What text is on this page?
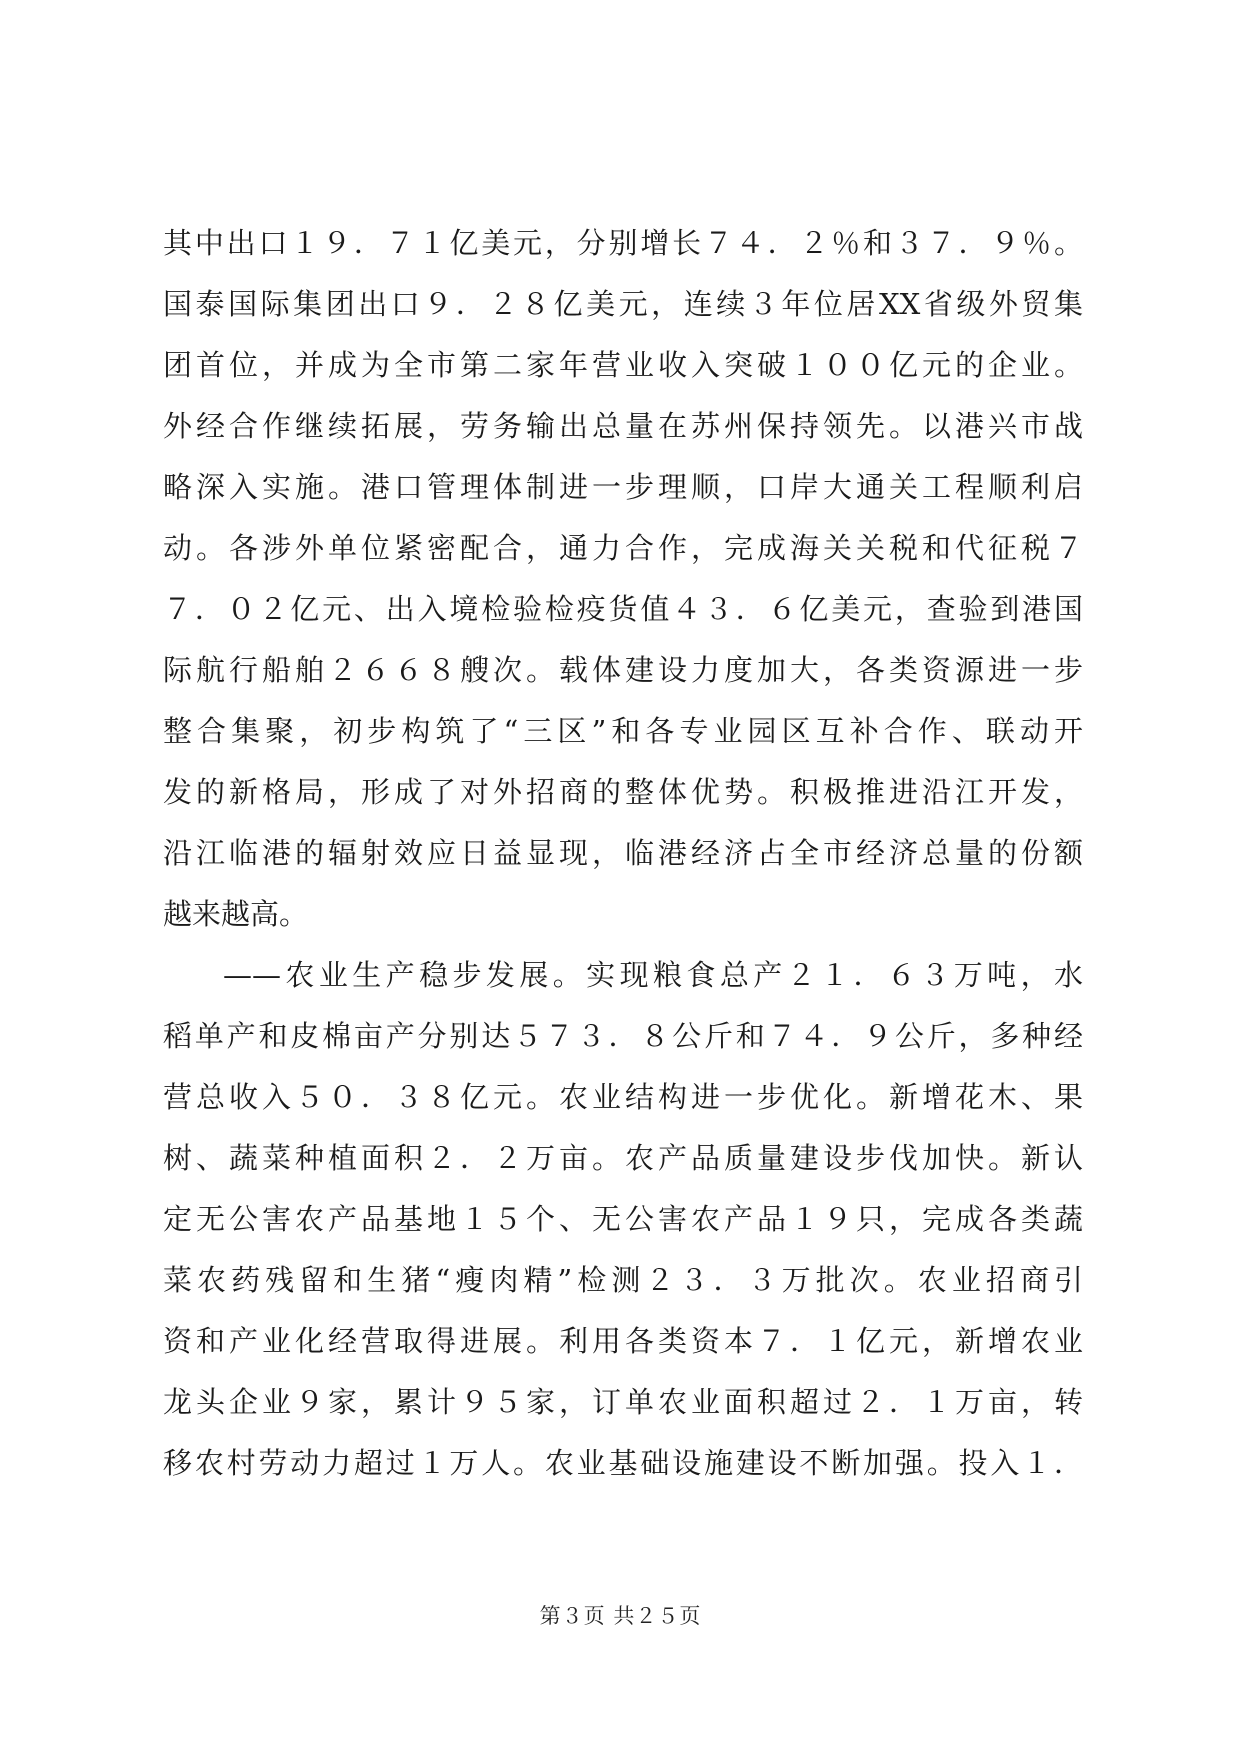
其中出口１９．７１亿美元，分别增长７４．２％和３７．９％。
国泰国际集团出口９．２８亿美元，连续３年位居XX省级外贸集
团首位，并成为全市第二家年营业收入突破１００亿元的企业。
外经合作继续拓展，劳务输出总量在苏州保持领先。以港兴市战
略深入实施。港口管理体制进一步理顺，口岸大通关工程顺利启
动。各涉外单位紧密配合，通力合作，完成海关关税和代征税７
７．０２亿元、出入境检验检疫货值４３．６亿美元，查验到港国
际航行船舶２６６８艘次。载体建设力度加大，各类资源进一步
整合集聚，初步构筑了“三区”和各专业园区互补合作、联动开
发的新格局，形成了对外招商的整体优势。积极推进沿江开发，
沿江临港的辐射效应日益显现，临港经济占全市经济总量的份额
越来越高。
——农业生产稳步发展。实现粮食总产２１．６３万吨，水
稻单产和皮棉亩产分别达５７３．８公斤和７４．９公斤，多种经
营总收入５０．３８亿元。农业结构进一步优化。新增花木、果
树、蔬菜种植面积２．２万亩。农产品质量建设步伐加快。新认
定无公害农产品基地１５个、无公害农产品１９只，完成各类蔬
菜农药残留和生猪“瘦肉精”检测２３．３万批次。农业招商引
资和产业化经营取得进展。利用各类资本７．１亿元，新增农业
龙头企业９家，累计９５家，订单农业面积超过２．１万亩，转
移农村劳动力超过１万人。农业基础设施建设不断加强。投入１．
第３页 共２５页
